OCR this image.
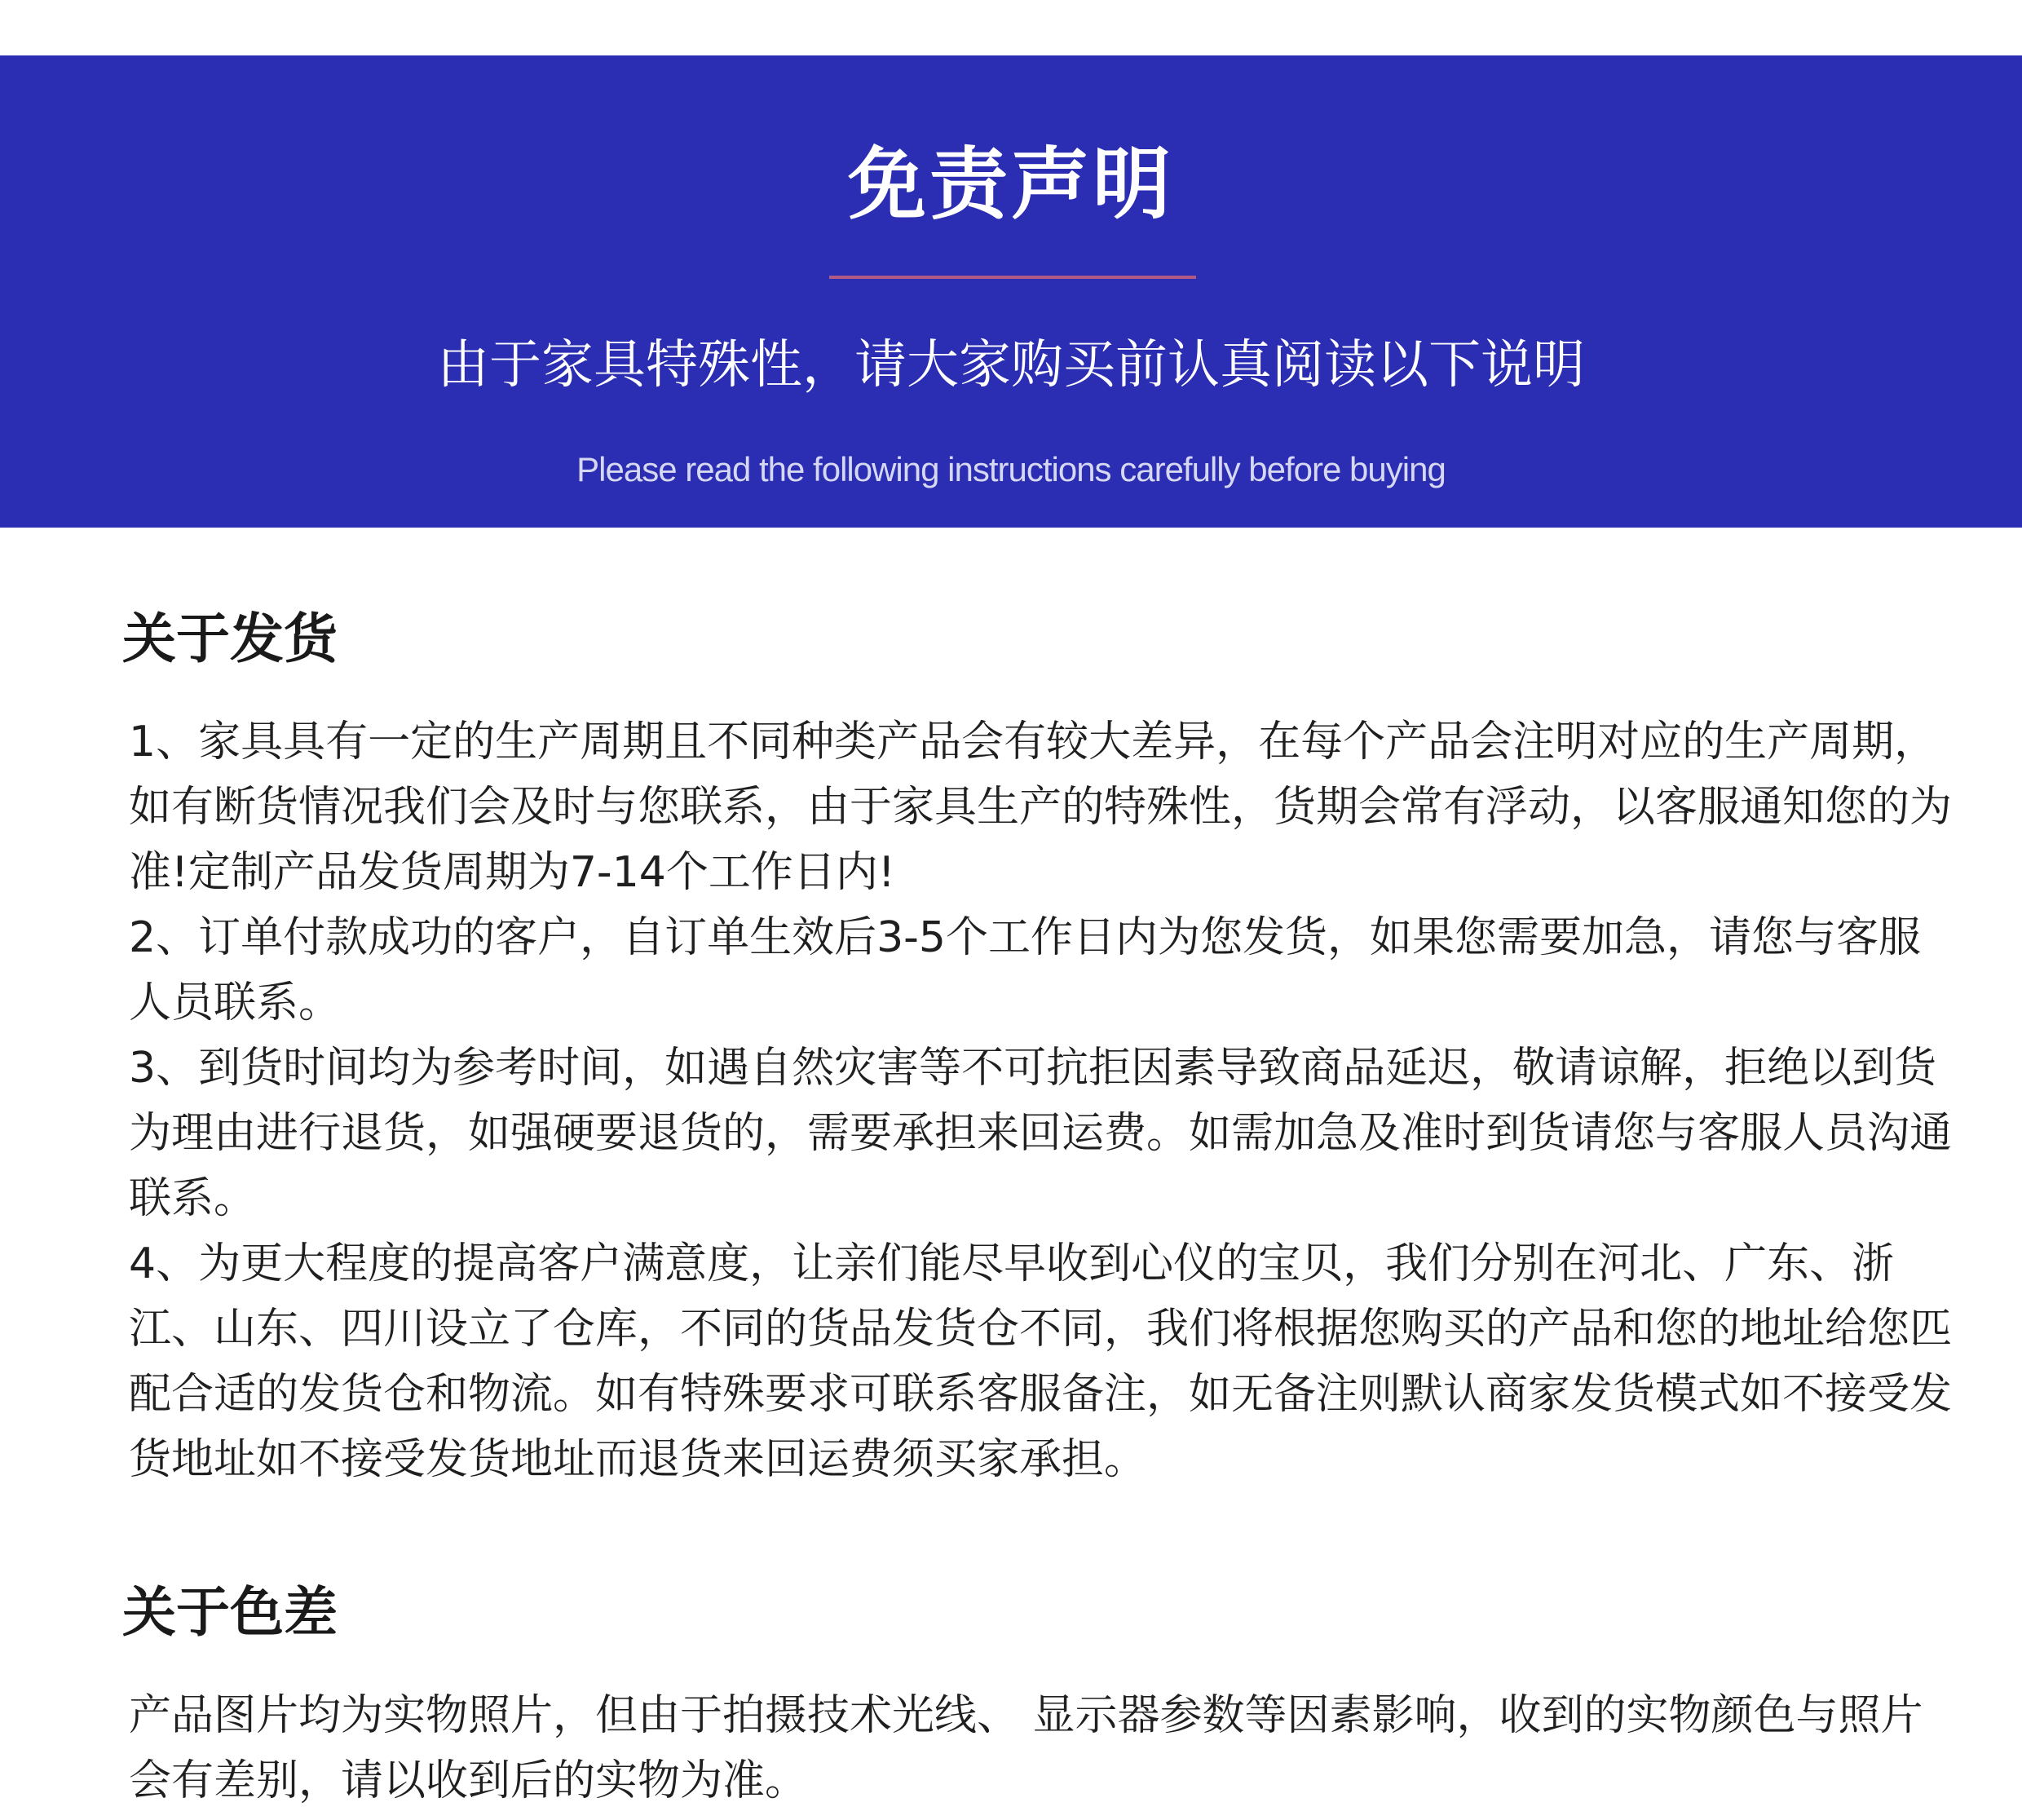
免责声明
由于家具特殊性，请大家购买前认真阅读以下说明
Please read the following instructions carefully before buying
关于发货

1、家具具有一定的生产周期且不同种类产品会有较大差异，在每个产品会注明对应的生产周期，如有断货情况我们会及时与您联系，由于家具生产的特殊性，货期会常有浮动，以客服通知您的为准!定制产品发货周期为7-14个工作日内!

2、订单付款成功的客户，自订单生效后3-5个工作日内为您发货，如果您需要加急，请您与客服人员联系。

3、到货时间均为参考时间，如遇自然灾害等不可抗拒因素导致商品延迟，敬请谅解，拒绝以到货为理由进行退货，如强硬要退货的，需要承担来回运费。如需加急及准时到货请您与客服人员沟通联系。

4、为更大程度的提高客户满意度，让亲们能尽早收到心仪的宝贝，我们分别在河北、广东、浙江、山东、四川设立了仓库，不同的货品发货仓不同，我们将根据您购买的产品和您的地址给您匹配合适的发货仓和物流。如有特殊要求可联系客服备注，如无备注则默认商家发货模式如不接受发货地址如不接受发货地址而退货来回运费须买家承担。

关于色差

产品图片均为实物照片，但由于拍摄技术光线、 显示器参数等因素影响，收到的实物颜色与照片会有差别，请以收到后的实物为准。
